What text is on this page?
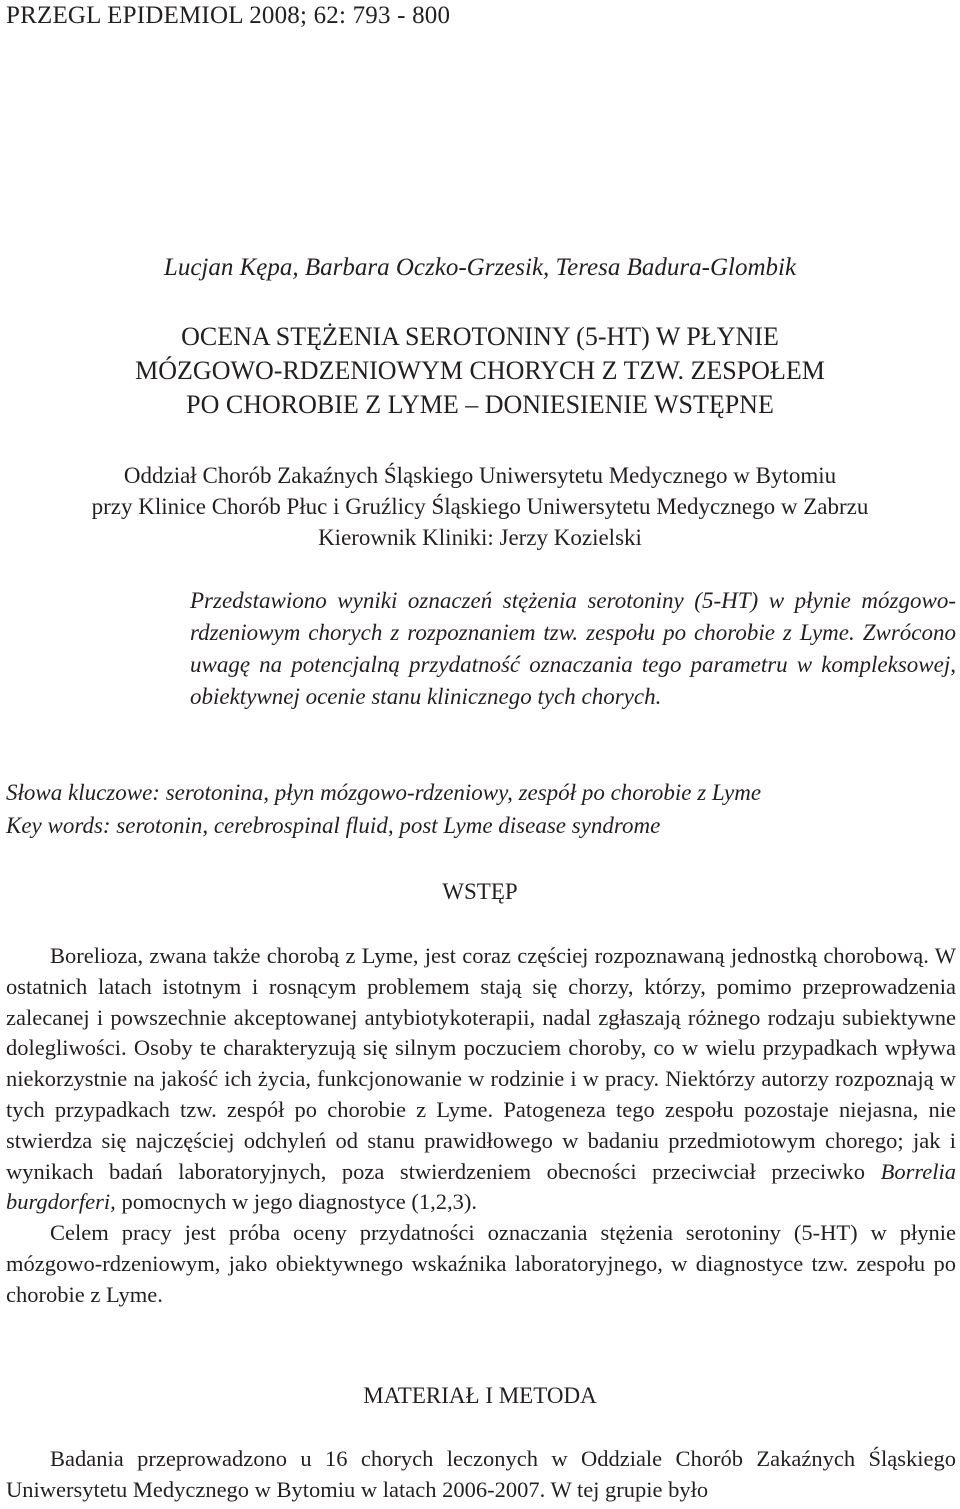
PRZEGL EPIDEMIOL 2008; 62: 793 - 800
Lucjan Kępa, Barbara Oczko-Grzesik, Teresa Badura-Glombik
OCENA STĘŻENIA SEROTONINY (5-HT) W PŁYNIE
MÓZGOWO-RDZENIOWYM CHORYCH Z TZW. ZESPOŁEM
PO CHOROBIE Z LYME – DONIESIENIE WSTĘPNE
Oddział Chorób Zakaźnych Śląskiego Uniwersytetu Medycznego w Bytomiu
przy Klinice Chorób Płuc i Gruźlicy Śląskiego Uniwersytetu Medycznego w Zabrzu
Kierownik Kliniki: Jerzy Kozielski
Przedstawiono wyniki oznaczeń stężenia serotoniny (5-HT) w płynie mózgowo-rdzeniowym chorych z rozpoznaniem tzw. zespołu po chorobie z Lyme. Zwrócono uwagę na potencjalną przydatność oznaczania tego parametru w kompleksowej, obiektywnej ocenie stanu klinicznego tych chorych.
Słowa kluczowe: serotonina, płyn mózgowo-rdzeniowy, zespół po chorobie z Lyme
Key words: serotonin, cerebrospinal fluid, post Lyme disease syndrome
WSTĘP

Borelioza, zwana także chorobą z Lyme, jest coraz częściej rozpoznawaną jednostką chorobową. W ostatnich latach istotnym i rosnącym problemem stają się chorzy, którzy, pomimo przeprowadzenia zalecanej i powszechnie akceptowanej antybiotykoterapii, nadal zgłaszają różnego rodzaju subiektywne dolegliwości. Osoby te charakteryzują się silnym poczuciem choroby, co w wielu przypadkach wpływa niekorzystnie na jakość ich życia, funkcjonowanie w rodzinie i w pracy. Niektórzy autorzy rozpoznają w tych przypadkach tzw. zespół po chorobie z Lyme. Patogeneza tego zespołu pozostaje niejasna, nie stwierdza się najczęściej odchyleń od stanu prawidłowego w badaniu przedmiotowym chorego; jak i wynikach badań laboratoryjnych, poza stwierdzeniem obecności przeciwciał przeciwko Borrelia burgdorferi, pomocnych w jego diagnostyce (1,2,3).

Celem pracy jest próba oceny przydatności oznaczania stężenia serotoniny (5-HT) w płynie mózgowo-rdzeniowym, jako obiektywnego wskaźnika laboratoryjnego, w diagnostyce tzw. zespołu po chorobie z Lyme.

MATERIAŁ I METODA

Badania przeprowadzono u 16 chorych leczonych w Oddziale Chorób Zakaźnych Śląskiego Uniwersytetu Medycznego w Bytomiu w latach 2006-2007. W tej grupie było
